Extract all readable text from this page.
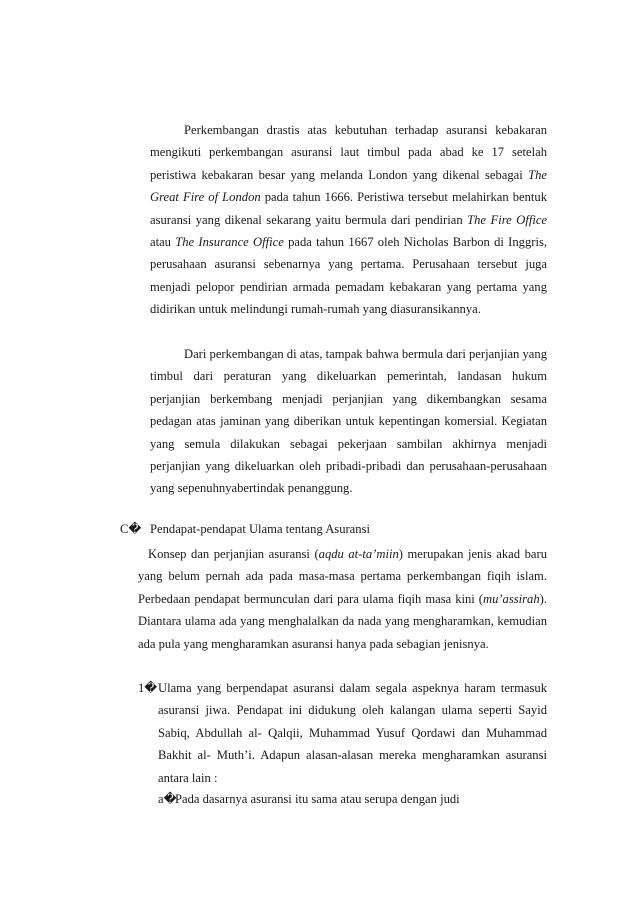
Perkembangan drastis atas kebutuhan terhadap asuransi kebakaran mengikuti perkembangan asuransi laut timbul pada abad ke 17 setelah peristiwa kebakaran besar yang melanda London yang dikenal sebagai The Great Fire of London pada tahun 1666. Peristiwa tersebut melahirkan bentuk asuransi yang dikenal sekarang yaitu bermula dari pendirian The Fire Office atau The Insurance Office pada tahun 1667 oleh Nicholas Barbon di Inggris, perusahaan asuransi sebenarnya yang pertama. Perusahaan tersebut juga menjadi pelopor pendirian armada pemadam kebakaran yang pertama yang didirikan untuk melindungi rumah-rumah yang diasuransikannya.

Dari perkembangan di atas, tampak bahwa bermula dari perjanjian yang timbul dari peraturan yang dikeluarkan pemerintah, landasan hukum perjanjian berkembang menjadi perjanjian yang dikembangkan sesama pedagan atas jaminan yang diberikan untuk kepentingan komersial. Kegiatan yang semula dilakukan sebagai pekerjaan sambilan akhirnya menjadi perjanjian yang dikeluarkan oleh pribadi-pribadi dan perusahaan-perusahaan yang sepenuhnyabertindak penanggung.

C� Pendapat-pendapat Ulama tentang Asuransi

Konsep dan perjanjian asuransi (aqdu at-ta’miin) merupakan jenis akad baru yang belum pernah ada pada masa-masa pertama perkembangan fiqih islam. Perbedaan pendapat bermunculan dari para ulama fiqih masa kini (mu’assirah). Diantara ulama ada yang menghalalkan da nada yang mengharamkan, kemudian ada pula yang mengharamkan asuransi hanya pada sebagian jenisnya.

1� Ulama yang berpendapat asuransi dalam segala aspeknya haram termasuk asuransi jiwa. Pendapat ini didukung oleh kalangan ulama seperti Sayid Sabiq, Abdullah al- Qalqii, Muhammad Yusuf Qordawi dan Muhammad Bakhit al- Muth’i. Adapun alasan-alasan mereka mengharamkan asuransi antara lain :

a�
Pada dasarnya asuransi itu sama atau serupa dengan judi
